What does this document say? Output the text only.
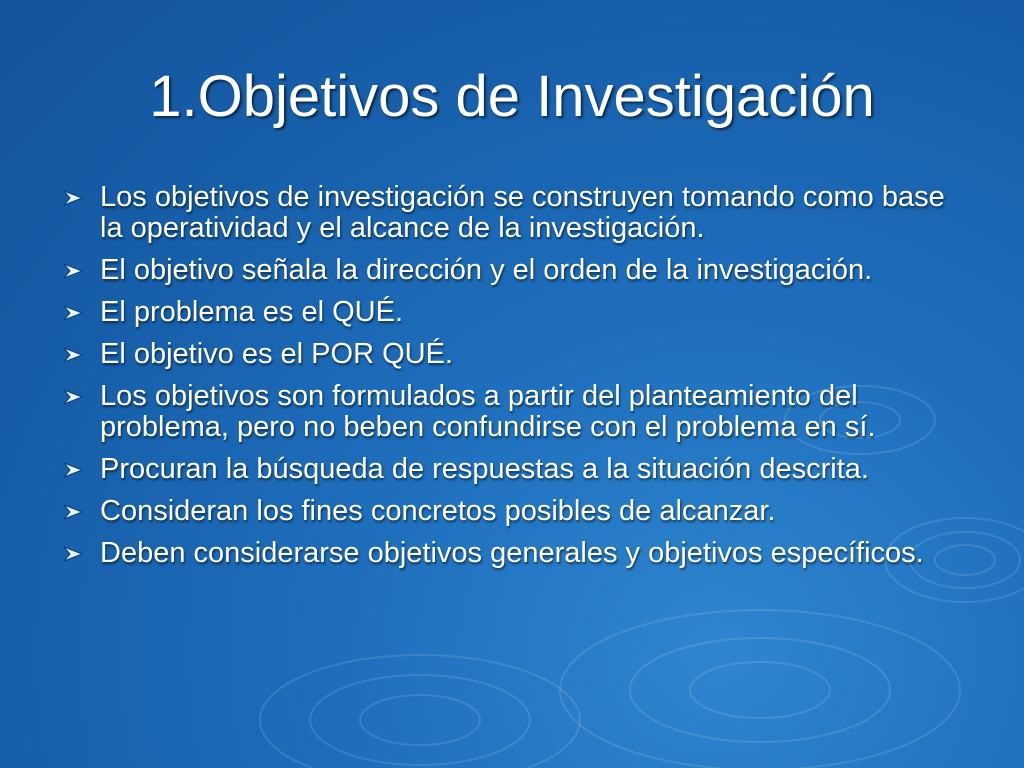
1.Objetivos de Investigación
Los objetivos de investigación se construyen tomando como base la operatividad y el alcance de la investigación.
El objetivo señala la dirección y el orden de la investigación.
El problema es el QUÉ.
El objetivo es el POR QUÉ.
Los objetivos son formulados a partir del planteamiento del problema, pero no beben confundirse con el problema en sí.
Procuran la búsqueda de respuestas a la situación descrita.
Consideran los fines concretos posibles de alcanzar.
Deben considerarse objetivos generales y objetivos específicos.
